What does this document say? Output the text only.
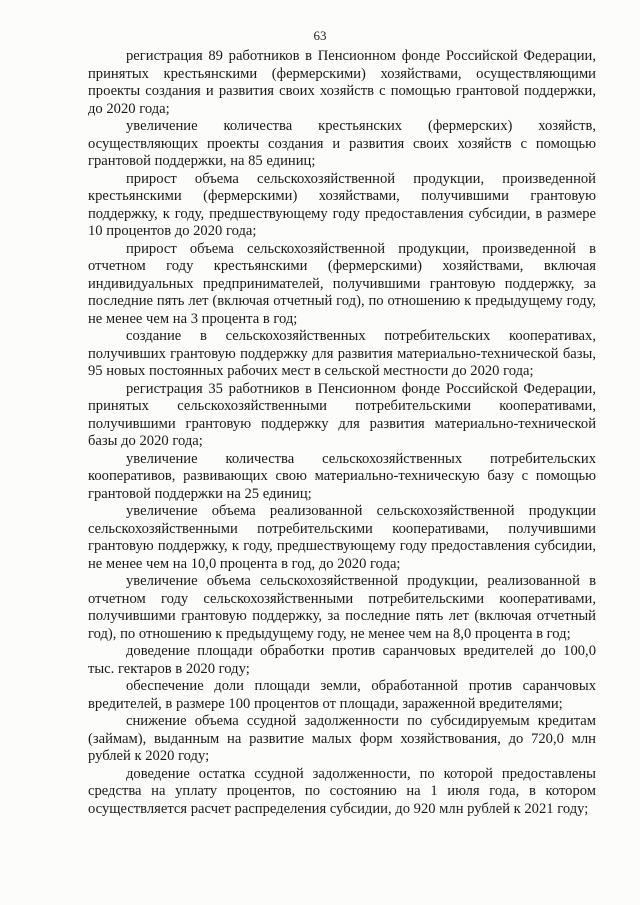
63

регистрация 89 работников в Пенсионном фонде Российской Федерации, принятых крестьянскими (фермерскими) хозяйствами, осуществляющими проекты создания и развития своих хозяйств с помощью грантовой поддержки, до 2020 года;

увеличение количества крестьянских (фермерских) хозяйств, осуществляющих проекты создания и развития своих хозяйств с помощью грантовой поддержки, на 85 единиц;

прирост объема сельскохозяйственной продукции, произведенной крестьянскими (фермерскими) хозяйствами, получившими грантовую поддержку, к году, предшествующему году предоставления субсидии, в размере 10 процентов до 2020 года;

прирост объема сельскохозяйственной продукции, произведенной в отчетном году крестьянскими (фермерскими) хозяйствами, включая индивидуальных предпринимателей, получившими грантовую поддержку, за последние пять лет (включая отчетный год), по отношению к предыдущему году, не менее чем на 3 процента в год;

создание в сельскохозяйственных потребительских кооперативах, получивших грантовую поддержку для развития материально-технической базы, 95 новых постоянных рабочих мест в сельской местности до 2020 года;

регистрация 35 работников в Пенсионном фонде Российской Федерации, принятых сельскохозяйственными потребительскими кооперативами, получившими грантовую поддержку для развития материально-технической базы до 2020 года;

увеличение количества сельскохозяйственных потребительских кооперативов, развивающих свою материально-техническую базу с помощью грантовой поддержки на 25 единиц;

увеличение объема реализованной сельскохозяйственной продукции сельскохозяйственными потребительскими кооперативами, получившими грантовую поддержку, к году, предшествующему году предоставления субсидии, не менее чем на 10,0 процента в год, до 2020 года;

увеличение объема сельскохозяйственной продукции, реализованной в отчетном году сельскохозяйственными потребительскими кооперативами, получившими грантовую поддержку, за последние пять лет (включая отчетный год), по отношению к предыдущему году, не менее чем на 8,0 процента в год;

доведение площади обработки против саранчовых вредителей до 100,0 тыс. гектаров в 2020 году;

обеспечение доли площади земли, обработанной против саранчовых вредителей, в размере 100 процентов от площади, зараженной вредителями;

снижение объема ссудной задолженности по субсидируемым кредитам (займам), выданным на развитие малых форм хозяйствования, до 720,0 млн рублей к 2020 году;

доведение остатка ссудной задолженности, по которой предоставлены средства на уплату процентов, по состоянию на 1 июля года, в котором осуществляется расчет распределения субсидии, до 920 млн рублей к 2021 году;
